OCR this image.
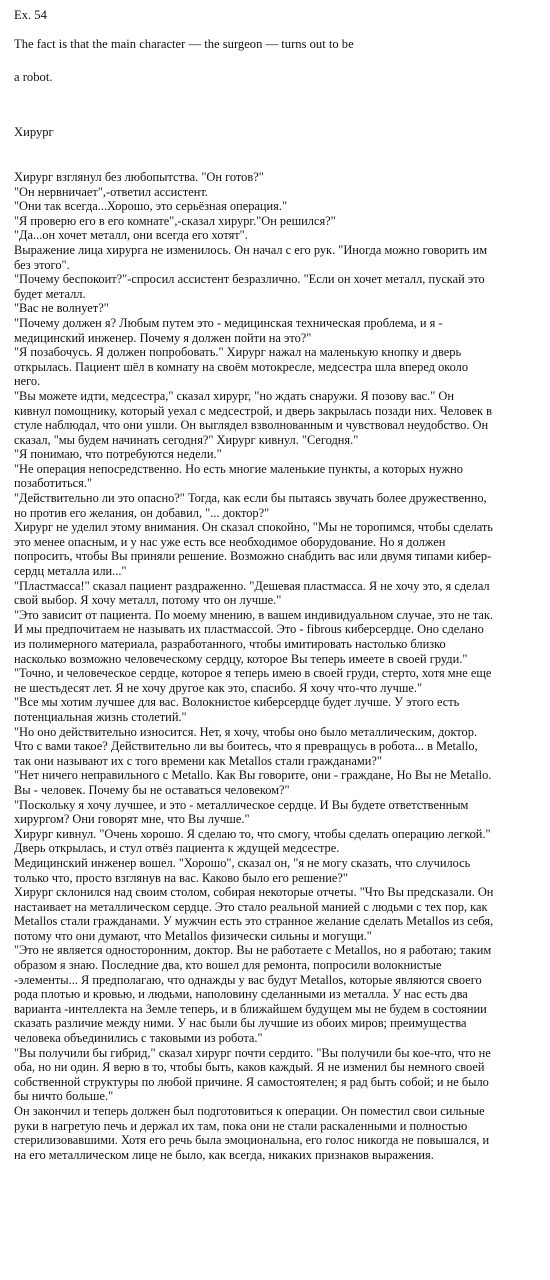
Ex. 54

The fact is that the main character — the surgeon — turns out to be

a robot.

Хирург

Хирург взглянул без любопытства. "Он готов?"

"Он нервничает",-ответил ассистент.

"Они так всегда...Хорошо, это серьёзная операция."

"Я проверю его в его комнате",-сказал хирург."Он решился?"

"Да...он хочет металл, они всегда его хотят".

Выражение лица хирурга не изменилось. Он начал с его рук. "Иногда можно говорить им
без этого".

"Почему беспокоит?"-спросил ассистент безразлично. "Если он хочет металл, пускай это
будет металл.

"Вас не волнует?"

"Почему должен я? Любым путем это - медицинская техническая проблема, и я -
медицинский инженер. Почему я должен пойти на это?"

"Я позабочусь. Я должен попробовать." Хирург нажал на маленькую кнопку и дверь
открылась. Пациент шёл в комнату на своём мотокресле, медсестра шла вперед около
него.

"Вы можете идти, медсестра," сказал хирург, "но ждать снаружи. Я позову вас." Он
кивнул помощнику, который уехал с медсестрой, и дверь закрылась позади них. Человек в
стуле наблюдал, что они ушли. Он выглядел взволнованным и чувствовал неудобство. Он
сказал, "мы будем начинать сегодня?" Хирург кивнул. "Сегодня."

"Я понимаю, что потребуются недели."

"Не операция непосредственно. Но есть многие маленькие пункты, а которых нужно
позаботиться."

"Действительно ли это опасно?" Тогда, как если бы пытаясь звучать более дружественно,
но против его желания, он добавил, "... доктор?"

Хирург не уделил этому внимания. Он сказал спокойно, "Мы не торопимся, чтобы сделать
это менее опасным, и у нас уже есть все необходимое оборудование. Но я должен
попросить, чтобы Вы приняли решение. Возможно снабдить вас или двумя типами кибер-
сердц металла или..."

"Пластмасса!" сказал пациент раздраженно. "Дешевая пластмасса. Я не хочу это, я сделал
свой выбор. Я хочу металл, потому что он лучше."

"Это зависит от пациента. По моему мнению, в вашем индивидуальном случае, это не так.
И мы предпочитаем не называть их пластмассой. Это - fibrous киберсердце. Оно сделано
из полимерного материала, разработанного, чтобы имитировать настолько близко
насколько возможно человеческому сердцу, которое Вы теперь имеете в своей груди."

"Точно, и человеческое сердце, которое я теперь имею в своей груди, стерто, хотя мне еще
не шестьдесят лет. Я не хочу другое как это, спасибо. Я хочу что-что лучше."

"Все мы хотим лучшее для вас. Волокнистое киберсердце будет лучше. У этого есть
потенциальная жизнь столетий."

"Но оно действительно износится. Нет, я хочу, чтобы оно было металлическим, доктор.
Что с вами такое? Действительно ли вы боитесь, что я превращусь в робота... в Metallo,
так они называют их с того времени как Metallos стали гражданами?"

"Нет ничего неправильного с Metallo. Как Вы говорите, они - граждане, Но Вы не Metallo.
Вы - человек. Почему бы не оставаться человеком?"

"Поскольку я хочу лучшее, и это - металлическое сердце. И Вы будете ответственным
хирургом? Они говорят мне, что Вы лучше."

Хирург кивнул. "Очень хорошо. Я сделаю то, что смогу, чтобы сделать операцию легкой."
Дверь открылась, и стул отвёз пациента к ждущей медсестре.

Медицинский инженер вошел. "Хорошо", сказал он, "я не могу сказать, что случилось
только что, просто взглянув на вас. Каково было его решение?"

Хирург склонился над своим столом, собирая некоторые отчеты. "Что Вы предсказали. Он
настаивает на металлическом сердце. Это стало реальной манией с людьми с тех пор, как
Metallos стали гражданами. У мужчин есть это странное желание сделать Metallos из себя,
потому что они думают, что Metallos физически сильны и могущи."

"Это не является односторонним, доктор. Вы не работаете с Metallos, но я работаю; таким
образом я знаю. Последние два, кто вошел для ремонта, попросили волокнистые
-элементы... Я предполагаю, что однажды у вас будут Metallos, которые являются своего
рода плотью и кровью, и людьми, наполовину сделанными из металла. У нас есть два
варианта -интеллекта на Земле теперь, и в ближайшем будущем мы не будем в состоянии
сказать различие между ними. У нас были бы лучшие из обоих миров; преимущества
человека объединились с таковыми из робота."

"Вы получили бы гибрид," сказал хирург почти сердито. "Вы получили бы кое-что, что не
оба, но ни один. Я верю в то, чтобы быть, каков каждый. Я не изменил бы немного своей
собственной структуры по любой причине. Я самостоятелен; я рад быть собой; и не было
бы ничто больше."

Он закончил и теперь должен был подготовиться к операции. Он поместил свои сильные
руки в нагретую печь и держал их там, пока они не стали раскаленными и полностью
стерилизовавшими. Хотя его речь была эмоциональна, его голос никогда не повышался, и
на его металлическом лице не было, как всегда, никаких признаков выражения.
